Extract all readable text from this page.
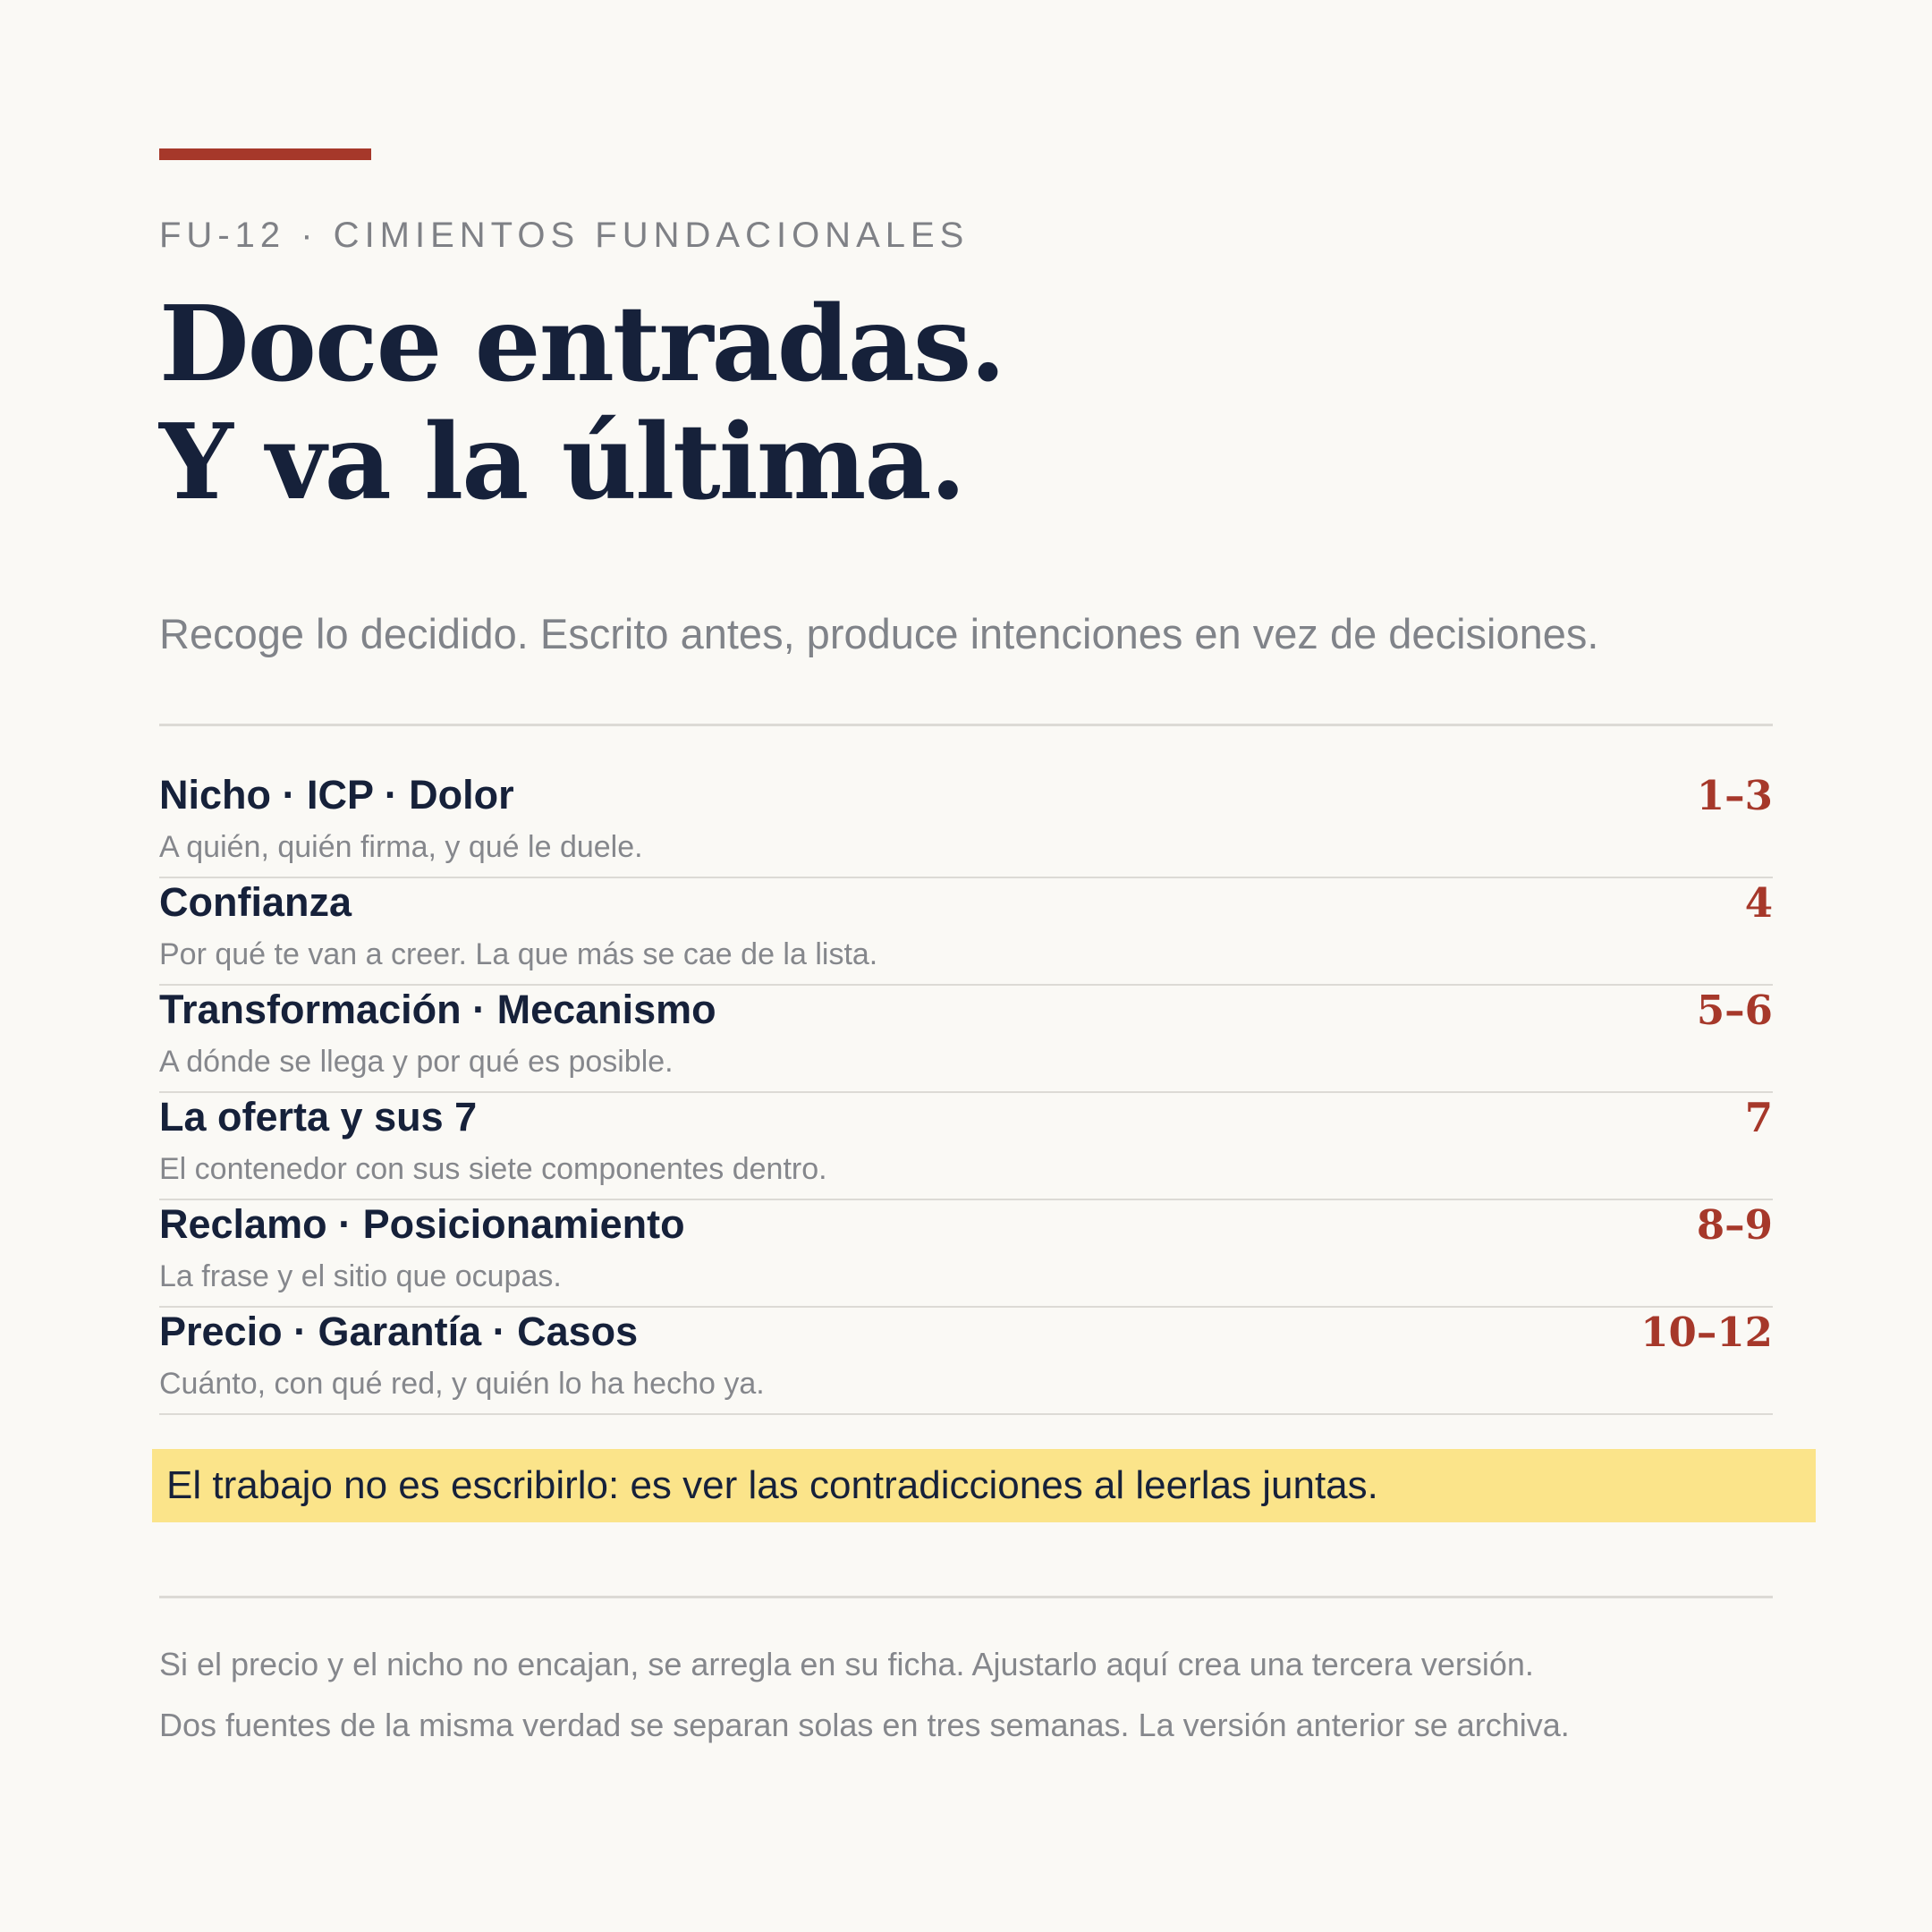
FU-12 · CIMIENTOS FUNDACIONALES
Doce entradas.
Y va la última.
Recoge lo decidido. Escrito antes, produce intenciones en vez de decisiones.
Nicho · ICP · Dolor	1–3
A quién, quién firma, y qué le duele.
Confianza	4
Por qué te van a creer. La que más se cae de la lista.
Transformación · Mecanismo	5–6
A dónde se llega y por qué es posible.
La oferta y sus 7	7
El contenedor con sus siete componentes dentro.
Reclamo · Posicionamiento	8–9
La frase y el sitio que ocupas.
Precio · Garantía · Casos	10–12
Cuánto, con qué red, y quién lo ha hecho ya.
El trabajo no es escribirlo: es ver las contradicciones al leerlas juntas.
Si el precio y el nicho no encajan, se arregla en su ficha. Ajustarlo aquí crea una tercera versión.
Dos fuentes de la misma verdad se separan solas en tres semanas. La versión anterior se archiva.
